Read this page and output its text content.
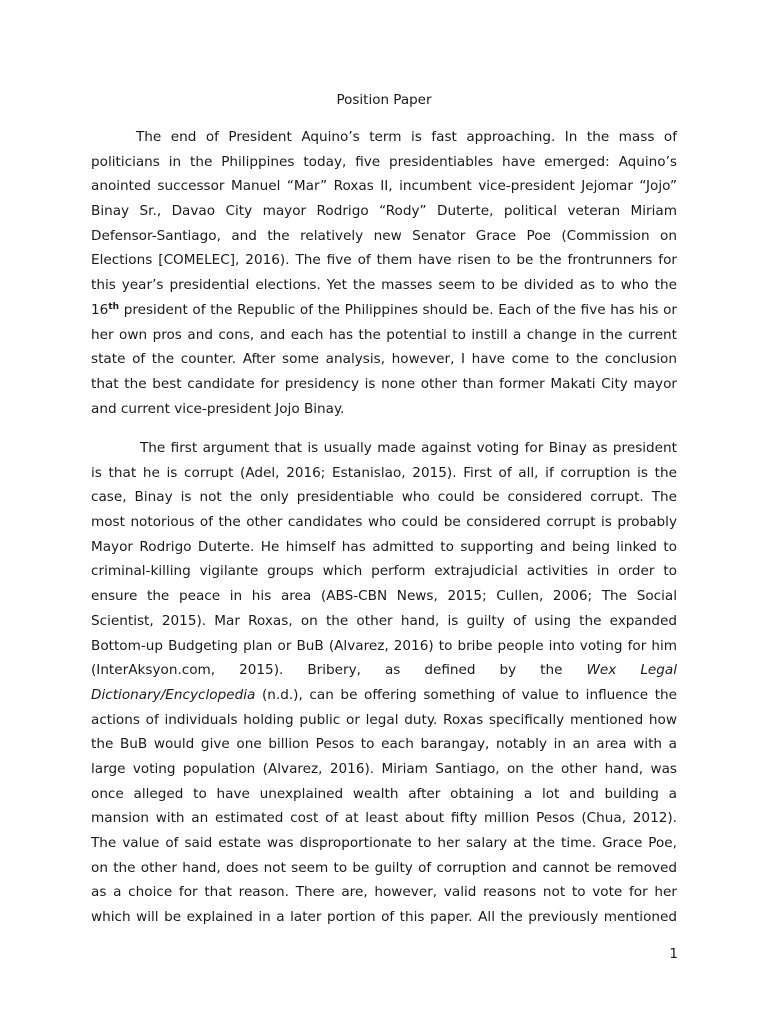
Position Paper
The end of President Aquino’s term is fast approaching. In the mass of
politicians in the Philippines today, five presidentiables have emerged: Aquino’s
anointed successor Manuel “Mar” Roxas II, incumbent vice-president Jejomar “Jojo”
Binay Sr., Davao City mayor Rodrigo “Rody” Duterte, political veteran Miriam
Defensor-Santiago, and the relatively new Senator Grace Poe (Commission on
Elections [COMELEC], 2016). The five of them have risen to be the frontrunners for
this year’s presidential elections. Yet the masses seem to be divided as to who the
16th president of the Republic of the Philippines should be. Each of the five has his or
her own pros and cons, and each has the potential to instill a change in the current
state of the counter. After some analysis, however, I have come to the conclusion
that the best candidate for presidency is none other than former Makati City mayor
and current vice-president Jojo Binay.
The first argument that is usually made against voting for Binay as president
is that he is corrupt (Adel, 2016; Estanislao, 2015). First of all, if corruption is the
case, Binay is not the only presidentiable who could be considered corrupt. The
most notorious of the other candidates who could be considered corrupt is probably
Mayor Rodrigo Duterte. He himself has admitted to supporting and being linked to
criminal-killing vigilante groups which perform extrajudicial activities in order to
ensure the peace in his area (ABS-CBN News, 2015; Cullen, 2006; The Social
Scientist, 2015). Mar Roxas, on the other hand, is guilty of using the expanded
Bottom-up Budgeting plan or BuB (Alvarez, 2016) to bribe people into voting for him
(InterAksyon.com, 2015). Bribery, as defined by the Wex Legal
Dictionary/Encyclopedia (n.d.), can be offering something of value to influence the
actions of individuals holding public or legal duty. Roxas specifically mentioned how
the BuB would give one billion Pesos to each barangay, notably in an area with a
large voting population (Alvarez, 2016). Miriam Santiago, on the other hand, was
once alleged to have unexplained wealth after obtaining a lot and building a
mansion with an estimated cost of at least about fifty million Pesos (Chua, 2012).
The value of said estate was disproportionate to her salary at the time. Grace Poe,
on the other hand, does not seem to be guilty of corruption and cannot be removed
as a choice for that reason. There are, however, valid reasons not to vote for her
which will be explained in a later portion of this paper. All the previously mentioned
1
